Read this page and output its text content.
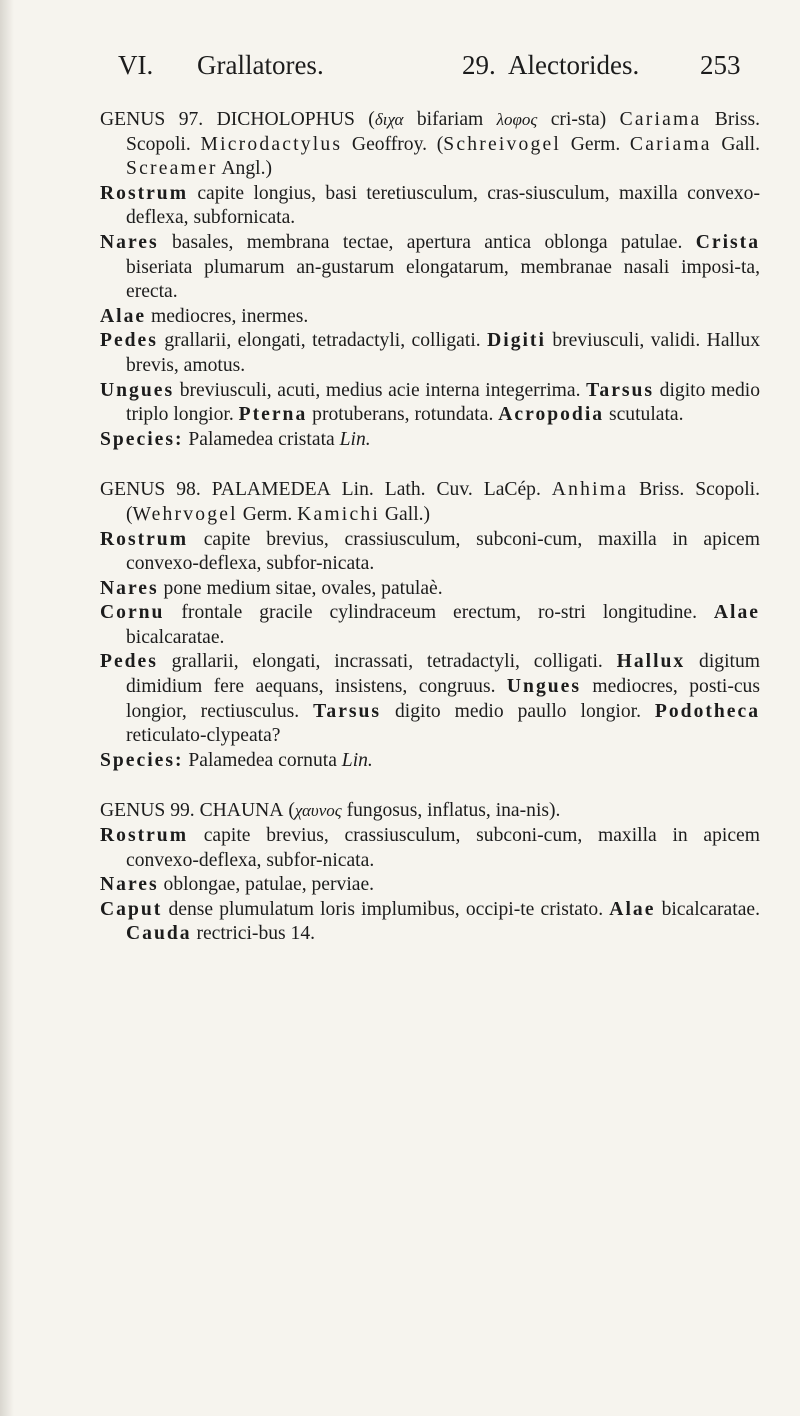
VI. Grallatores.	29. Alectorides. 253

GENUS 97. DICHOLOPHUS (διχα bifariam λοφος cri-sta) Cariama Briss. Scopoli. Microdactylus Geoffroy. (Schreivogel Germ. Cariama Gall. Screamer Angl.)

Rostrum capite longius, basi teretiusculum, cras-siusculum, maxilla convexo-deflexa, subfornicata.

Nares basales, membrana tectae, apertura antica oblonga patulae. Crista biseriata plumarum an-gustarum elongatarum, membranae nasali imposi-ta, erecta.

Alae mediocres, inermes.

Pedes grallarii, elongati, tetradactyli, colligati. Digiti breviusculi, validi. Hallux brevis, amotus.

Ungues breviusculi, acuti, medius acie interna integerrima. Tarsus digito medio triplo longior. Pterna protuberans, rotundata. Acropodia scutulata.

Species: Palamedea cristata Lin.

GENUS 98. PALAMEDEA Lin. Lath. Cuv. LaCép. Anhima Briss. Scopoli. (Wehrvogel Germ. Kamichi Gall.)

Rostrum capite brevius, crassiusculum, subconi-cum, maxilla in apicem convexo-deflexa, subfor-nicata.

Nares pone medium sitae, ovales, patulaè.

Cornu frontale gracile cylindraceum erectum, ro-stri longitudine. Alae bicalcaratae.

Pedes grallarii, elongati, incrassati, tetradactyli, colligati. Hallux digitum dimidium fere aequans, insistens, congruus. Ungues mediocres, posti-cus longior, rectiusculus. Tarsus digito medio paullo longior. Podotheca reticulato-clypeata?

Species: Palamedea cornuta Lin.

GENUS 99. CHAUNA (χαυνος fungosus, inflatus, ina-nis).

Rostrum capite brevius, crassiusculum, subconi-cum, maxilla in apicem convexo-deflexa, subfor-nicata.

Nares oblongae, patulae, perviae.

Caput dense plumulatum loris implumibus, occipi-te cristato. Alae bicalcaratae. Cauda rectrici-bus 14.
